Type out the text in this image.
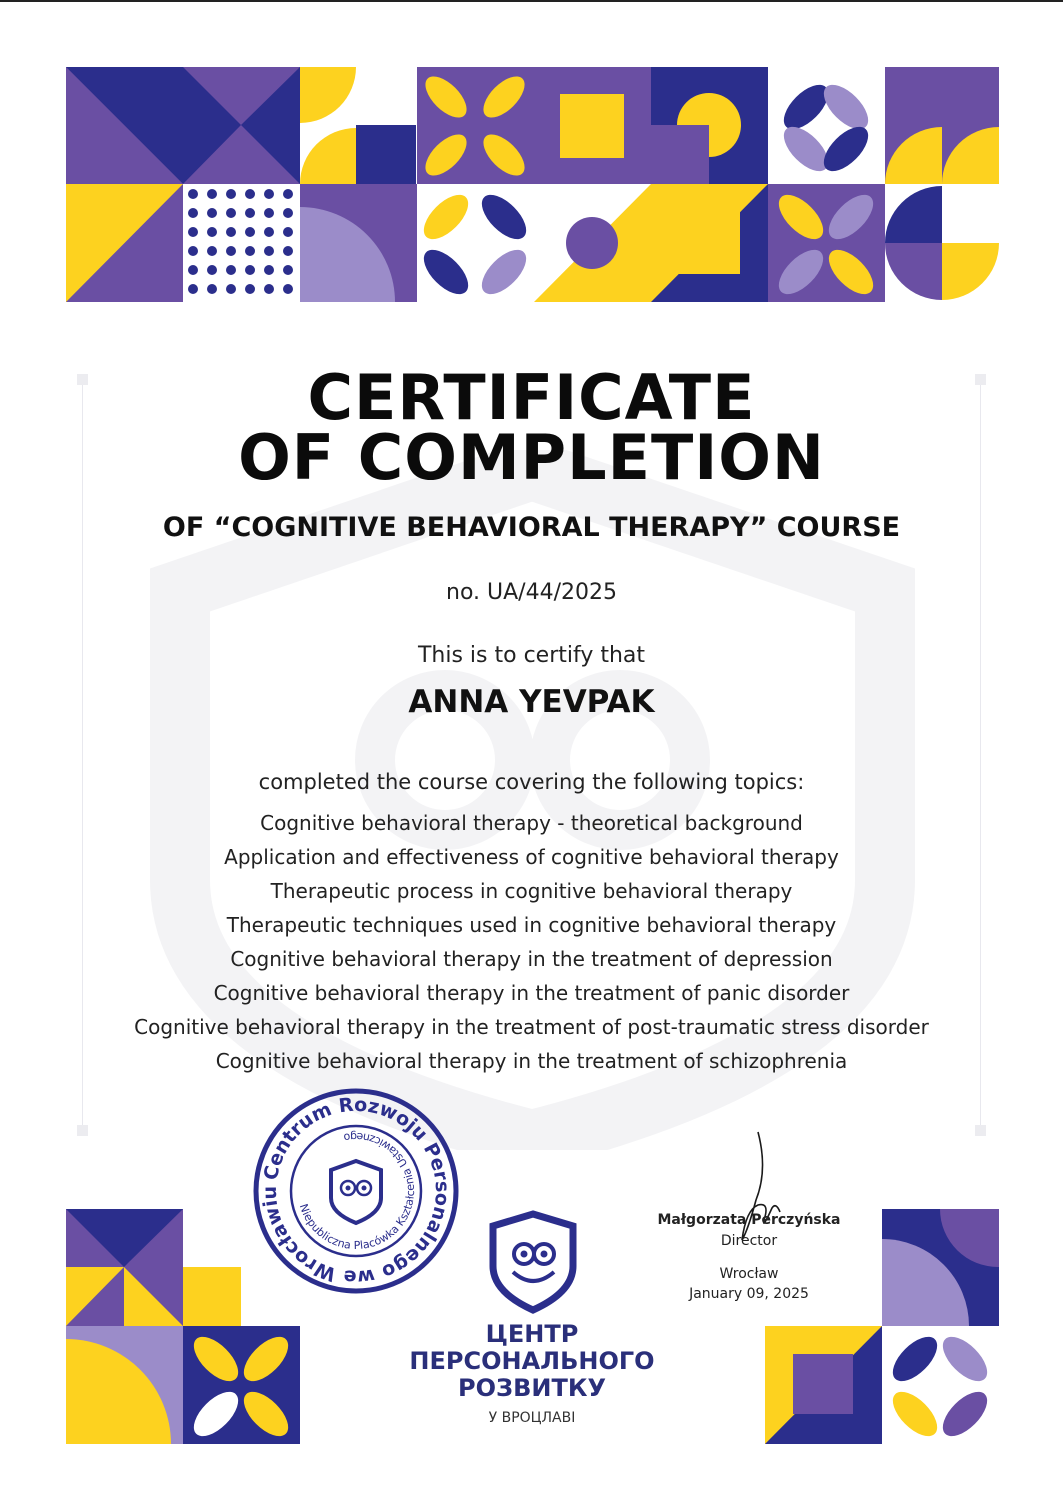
CERTIFICATE
OF COMPLETION
OF “COGNITIVE BEHAVIORAL THERAPY” COURSE
no. UA/44/2025
This is to certify that
ANNA YEVPAK
completed the course covering the following topics:
Cognitive behavioral therapy - theoretical background
Application and effectiveness of cognitive behavioral therapy
Therapeutic process in cognitive behavioral therapy
Therapeutic techniques used in cognitive behavioral therapy
Cognitive behavioral therapy in the treatment of depression
Cognitive behavioral therapy in the treatment of panic disorder
Cognitive behavioral therapy in the treatment of post-traumatic stress disorder
Cognitive behavioral therapy in the treatment of schizophrenia
Centrum Rozwoju Personalnego we Wrocławiu
Niepubliczna Placówka Kształcenia Ustawicznego
ЦЕНТР
ПЕРСОНАЛЬНОГО
РОЗВИТКУ
У ВРОЦЛАВІ
Małgorzata Perczyńska
Director
Wrocław
January 09, 2025
